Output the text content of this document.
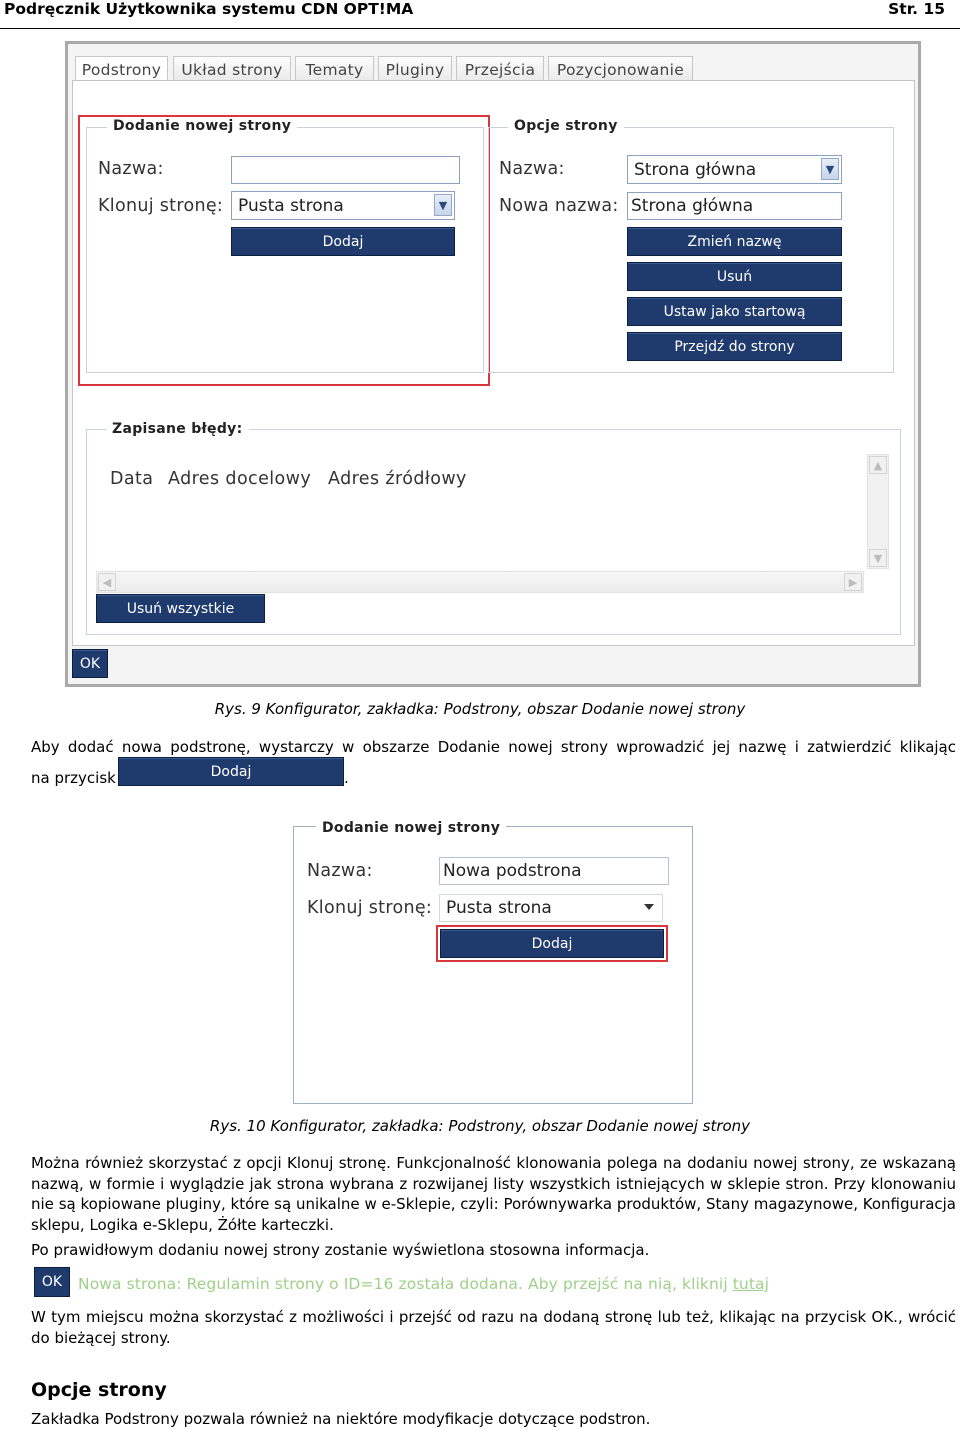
Podręcznik Użytkownika systemu CDN OPT!MA	Str. 15
Podstrony	Układ strony	Tematy	Pluginy	Przejścia	Pozycjonowanie
Dodanie nowej strony
Nazwa:
Klonuj stronę: Pusta strona	▼
Dodaj
Opcje strony
Nazwa:	Strona główna	▼
Nowa nazwa: Strona główna
Zmień nazwę
Usuń
Ustaw jako startową
Przejdź do strony
Zapisane błędy:
Data Adres docelowy Adres źródłowy
▲
▼
◀	▶
Usuń wszystkie
OK
Rys. 9 Konfigurator, zakładka: Podstrony, obszar Dodanie nowej strony
Aby dodać nowa podstronę, wystarczy w obszarze Dodanie nowej strony wprowadzić jej nazwę i zatwierdzić klikając
na przycisk	Dodaj	.
Dodanie nowej strony
Nazwa:	Nowa podstrona
Klonuj stronę: Pusta strona
Dodaj
Rys. 10 Konfigurator, zakładka: Podstrony, obszar Dodanie nowej strony
Można również skorzystać z opcji Klonuj stronę. Funkcjonalność klonowania polega na dodaniu nowej strony, ze wskazaną nazwą, w formie i wyglądzie jak strona wybrana z rozwijanej listy wszystkich istniejących w sklepie stron. Przy klonowaniu nie są kopiowane pluginy, które są unikalne w e-Sklepie, czyli: Porównywarka produktów, Stany magazynowe, Konfiguracja sklepu, Logika e-Sklepu, Żółte karteczki.
Po prawidłowym dodaniu nowej strony zostanie wyświetlona stosowna informacja.
OK	Nowa strona: Regulamin strony o ID=16 została dodana. Aby przejść na nią, kliknij tutaj
W tym miejscu można skorzystać z możliwości i przejść od razu na dodaną stronę lub też, klikając na przycisk OK., wrócić do bieżącej strony.
Opcje strony
Zakładka Podstrony pozwala również na niektóre modyfikacje dotyczące podstron.
